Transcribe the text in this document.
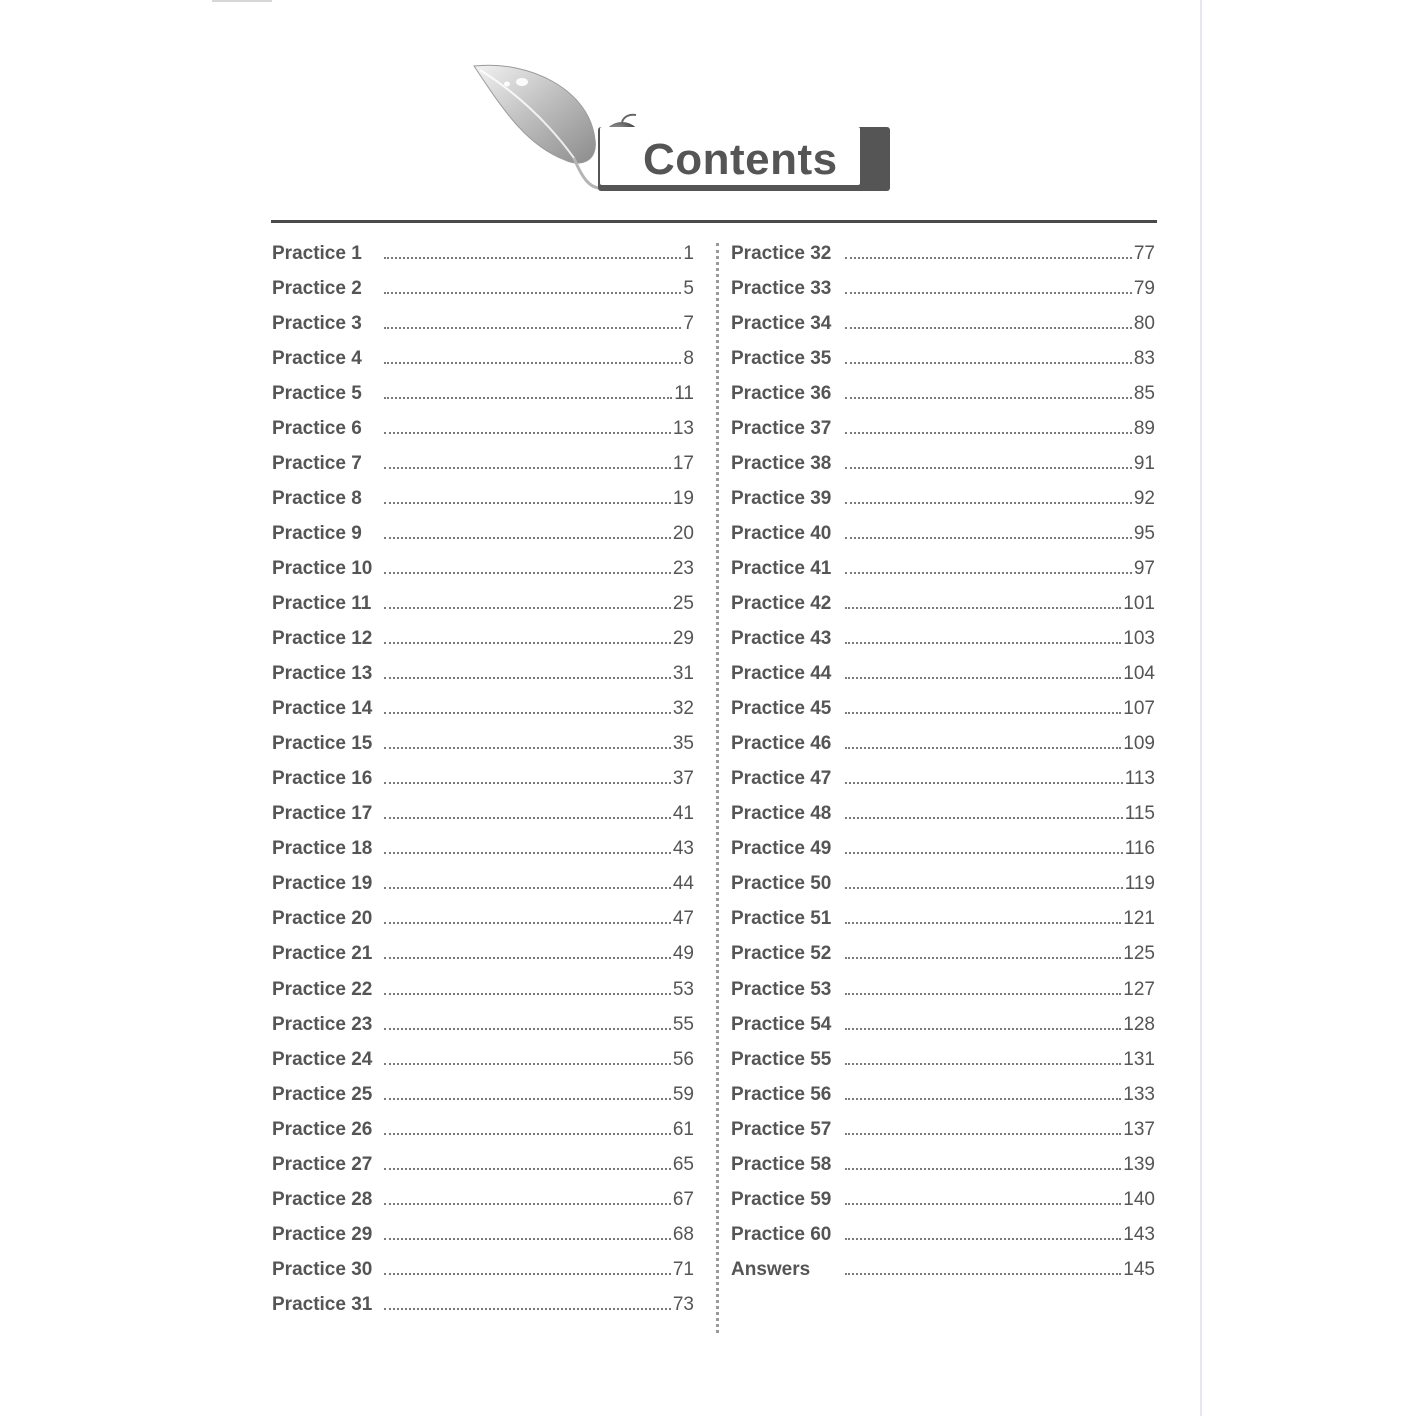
Contents
Practice 1	1
Practice 2	5
Practice 3	7
Practice 4	8
Practice 5	11
Practice 6	13
Practice 7	17
Practice 8	19
Practice 9	20
Practice 10	23
Practice 11	25
Practice 12	29
Practice 13	31
Practice 14	32
Practice 15	35
Practice 16	37
Practice 17	41
Practice 18	43
Practice 19	44
Practice 20	47
Practice 21	49
Practice 22	53
Practice 23	55
Practice 24	56
Practice 25	59
Practice 26	61
Practice 27	65
Practice 28	67
Practice 29	68
Practice 30	71
Practice 31	73
Practice 32	77
Practice 33	79
Practice 34	80
Practice 35	83
Practice 36	85
Practice 37	89
Practice 38	91
Practice 39	92
Practice 40	95
Practice 41	97
Practice 42	101
Practice 43	103
Practice 44	104
Practice 45	107
Practice 46	109
Practice 47	113
Practice 48	115
Practice 49	116
Practice 50	119
Practice 51	121
Practice 52	125
Practice 53	127
Practice 54	128
Practice 55	131
Practice 56	133
Practice 57	137
Practice 58	139
Practice 59	140
Practice 60	143
Answers	145
